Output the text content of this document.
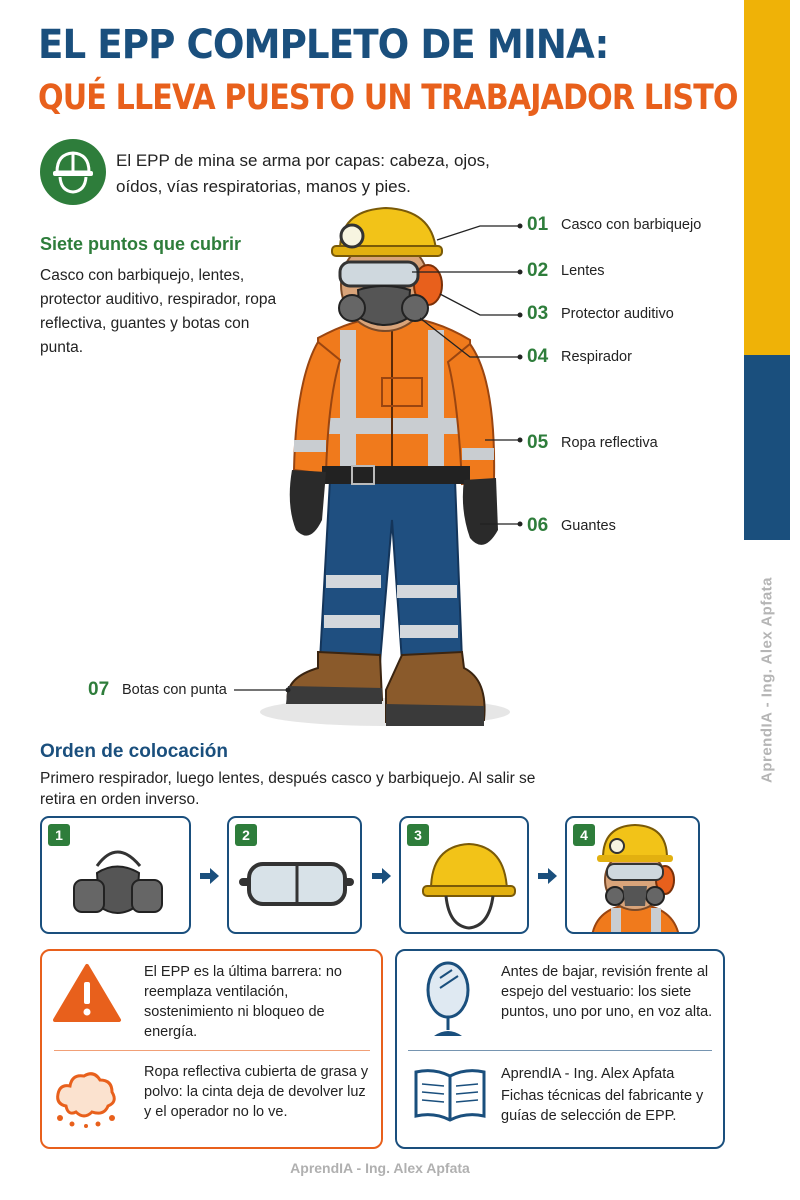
AprendIA - Ing. Alex Apfata
EL EPP COMPLETO DE MINA:
QUÉ LLEVA PUESTO UN TRABAJADOR LISTO
El EPP de mina se arma por capas: cabeza, ojos, oídos, vías respiratorias, manos y pies.
Siete puntos que cubrir
Casco con barbiquejo, lentes, protector auditivo, respirador, ropa reflectiva, guantes y botas con punta.
01 Casco con barbiquejo
02 Lentes
03 Protector auditivo
04 Respirador
05 Ropa reflectiva
06 Guantes
07 Botas con punta
Orden de colocación
Primero respirador, luego lentes, después casco y barbiquejo. Al salir se retira en orden inverso.
1	2	3	4
El EPP es la última barrera: no reemplaza ventilación, sostenimiento ni bloqueo de energía.
Ropa reflectiva cubierta de grasa y polvo: la cinta deja de devolver luz y el operador no lo ve.
Antes de bajar, revisión frente al espejo del vestuario: los siete puntos, uno por uno, en voz alta.
AprendIA - Ing. Alex Apfata
Fichas técnicas del fabricante y guías de selección de EPP.
AprendIA - Ing. Alex Apfata
